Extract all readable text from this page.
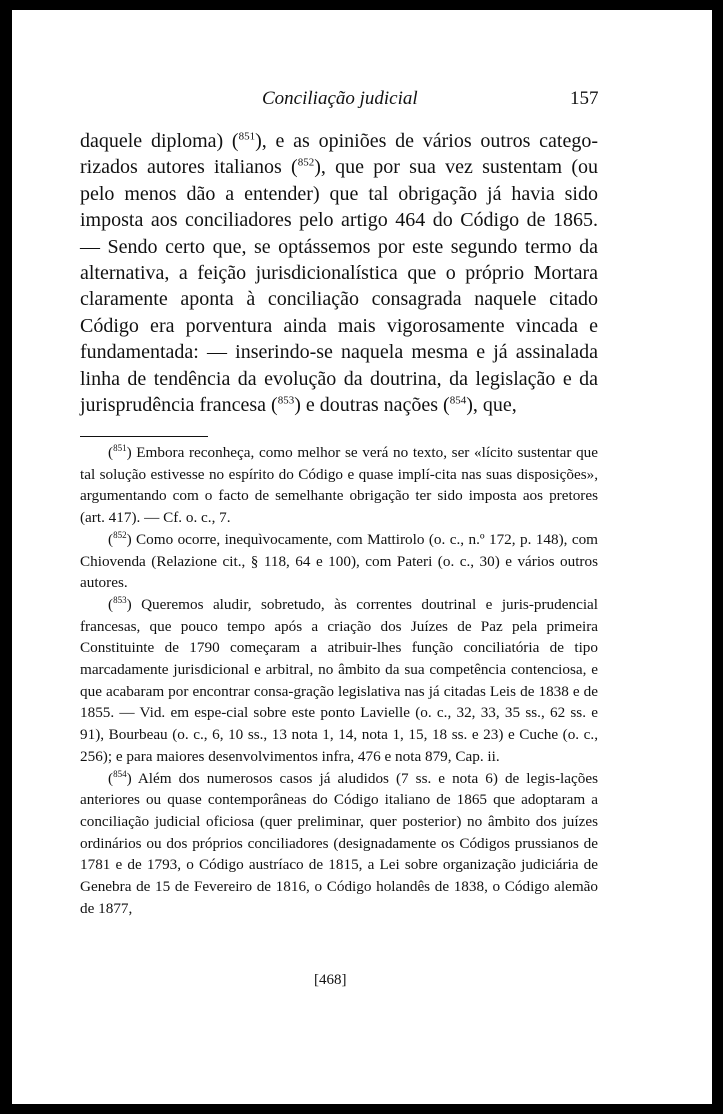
Conciliação judicial	157

daquele diploma) ($^{851}$), e as opiniões de vários outros catego-rizados autores italianos ($^{852}$), que por sua vez sustentam (ou pelo menos dão a entender) que tal obrigação já havia sido imposta aos conciliadores pelo artigo 464 do Código de 1865. — Sendo certo que, se optássemos por este segundo termo da alternativa, a feição jurisdicionalística que o próprio Mortara claramente aponta à conciliação consagrada naquele citado Código era porventura ainda mais vigorosamente vincada e fundamentada: — inserindo-se naquela mesma e já assinalada linha de tendência da evolução da doutrina, da legislação e da jurisprudência francesa ($^{853}$) e doutras nações ($^{854}$), que,

($^{851}$) Embora reconheça, como melhor se verá no texto, ser «lícito sustentar que tal solução estivesse no espírito do Código e quase implí-cita nas suas disposições», argumentando com o facto de semelhante obrigação ter sido imposta aos pretores (art. 417). — Cf. o. c., 7.

($^{852}$) Como ocorre, inequìvocamente, com Mattirolo (o. c., n.º 172, p. 148), com Chiovenda (Relazione cit., § 118, 64 e 100), com Pateri (o. c., 30) e vários outros autores.

($^{853}$) Queremos aludir, sobretudo, às correntes doutrinal e juris-prudencial francesas, que pouco tempo após a criação dos Juízes de Paz pela primeira Constituinte de 1790 começaram a atribuir-lhes função conciliatória de tipo marcadamente jurisdicional e arbitral, no âmbito da sua competência contenciosa, e que acabaram por encontrar consa-gração legislativa nas já citadas Leis de 1838 e de 1855. — Vid. em espe-cial sobre este ponto Lavielle (o. c., 32, 33, 35 ss., 62 ss. e 91), Bourbeau (o. c., 6, 10 ss., 13 nota 1, 14, nota 1, 15, 18 ss. e 23) e Cuche (o. c., 256); e para maiores desenvolvimentos infra, 476 e nota 879, Cap. ii.

($^{854}$) Além dos numerosos casos já aludidos (7 ss. e nota 6) de legis-lações anteriores ou quase contemporâneas do Código italiano de 1865 que adoptaram a conciliação judicial oficiosa (quer preliminar, quer posterior) no âmbito dos juízes ordinários ou dos próprios conciliadores (designadamente os Códigos prussianos de 1781 e de 1793, o Código austríaco de 1815, a Lei sobre organização judiciária de Genebra de 15 de Fevereiro de 1816, o Código holandês de 1838, o Código alemão de 1877,

[468]
